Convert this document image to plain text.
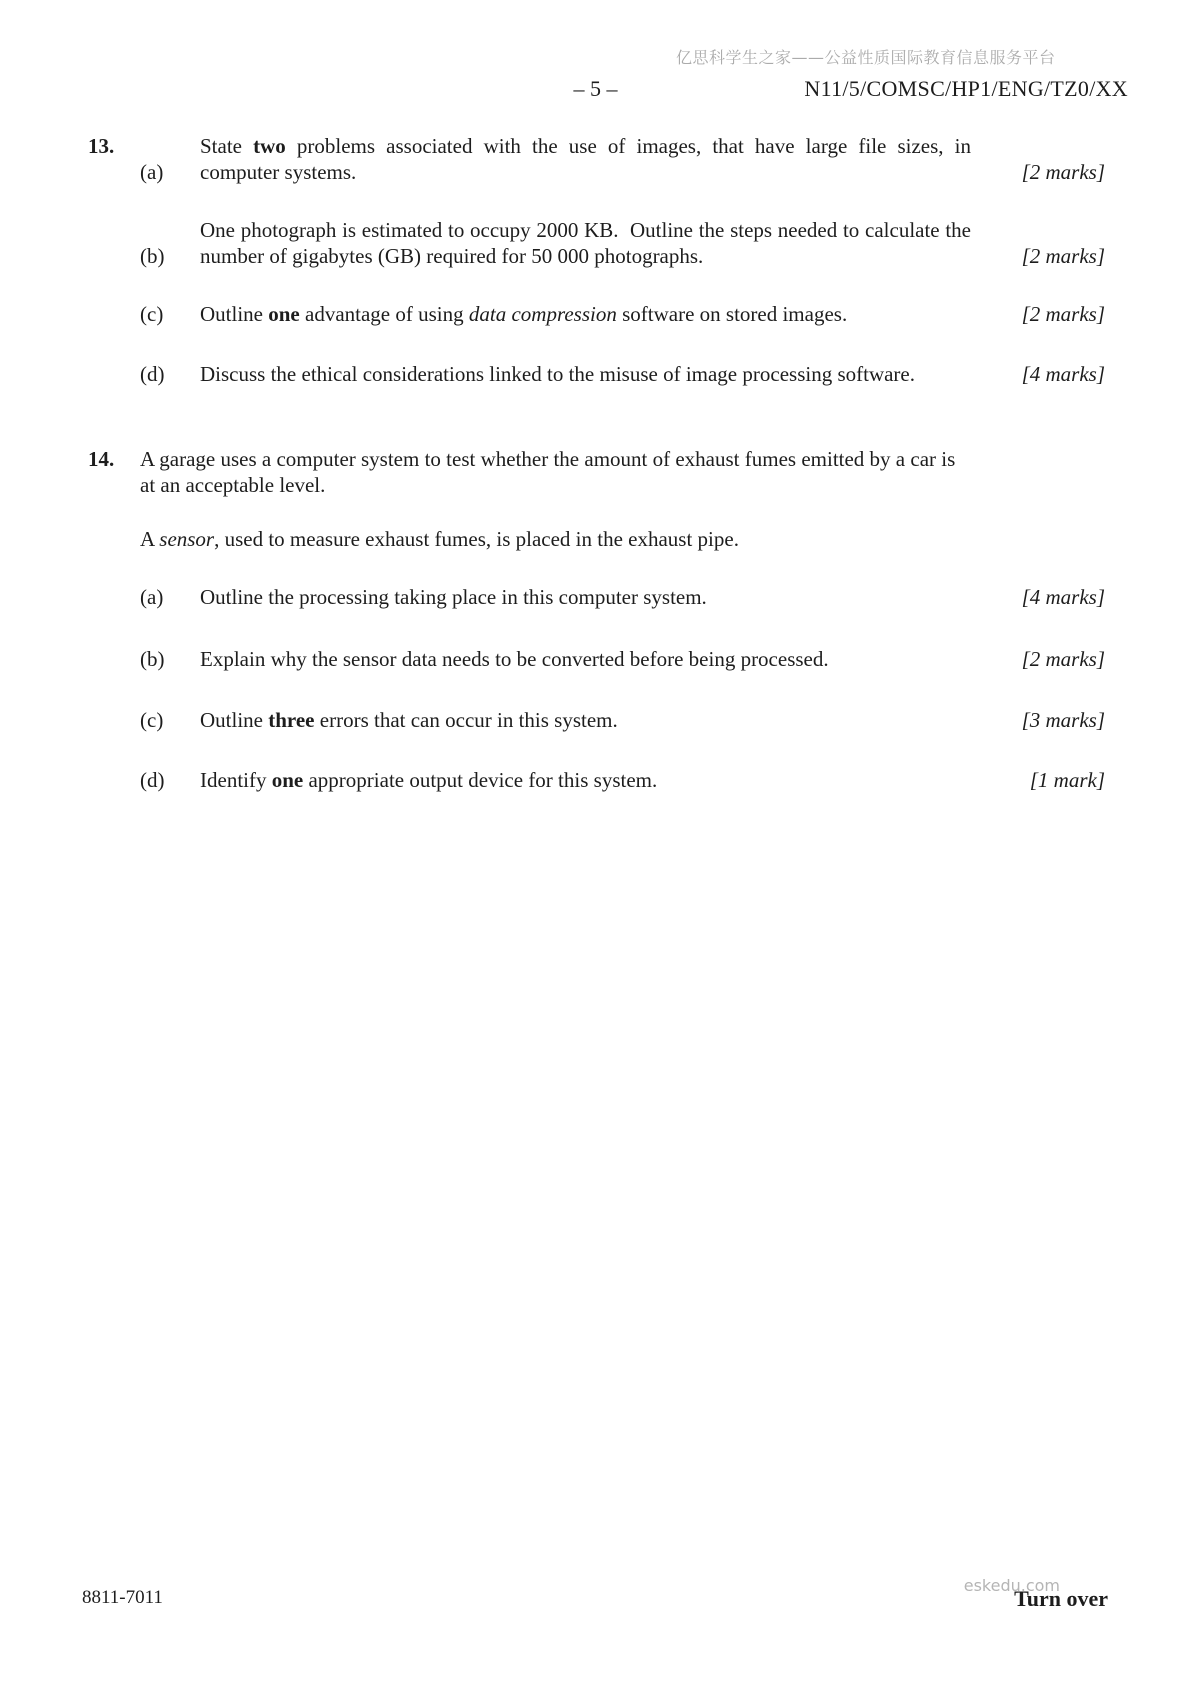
亿思科学生之家——公益性质国际教育信息服务平台
– 5 –	N11/5/COMSC/HP1/ENG/TZ0/XX
13.
(a)
State two problems associated with the use of images, that have large file sizes, in computer systems.	[2 marks]
(b)
One photograph is estimated to occupy 2000 KB.  Outline the steps needed to calculate the number of gigabytes (GB) required for 50 000 photographs.	[2 marks]
(c)	Outline one advantage of using data compression software on stored images.	[2 marks]
(d)	Discuss the ethical considerations linked to the misuse of image processing software.	[4 marks]
14.	A garage uses a computer system to test whether the amount of exhaust fumes emitted by a car is at an acceptable level.
A sensor, used to measure exhaust fumes, is placed in the exhaust pipe.
(a)	Outline the processing taking place in this computer system.	[4 marks]
(b)	Explain why the sensor data needs to be converted before being processed.	[2 marks]
(c)	Outline three errors that can occur in this system.	[3 marks]
(d)	Identify one appropriate output device for this system.	[1 mark]
8811-7011
eskedu.com
Turn over
